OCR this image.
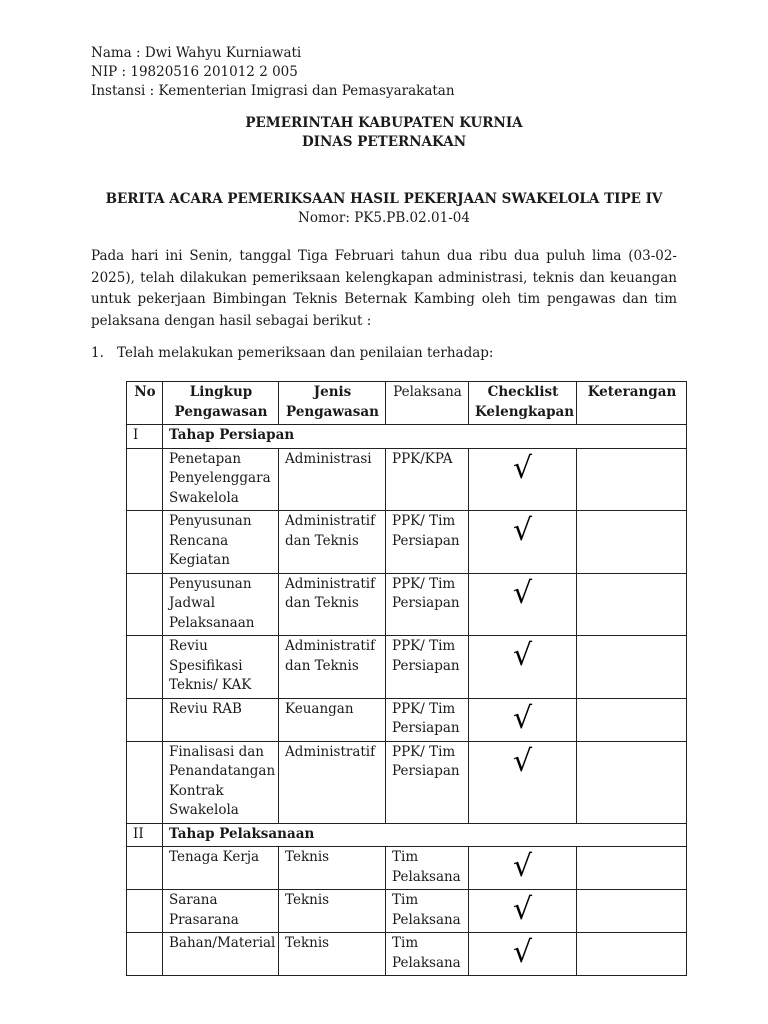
Nama : Dwi Wahyu Kurniawati
NIP : 19820516 201012 2 005
Instansi : Kementerian Imigrasi dan Pemasyarakatan
PEMERINTAH KABUPATEN KURNIA
DINAS PETERNAKAN
BERITA ACARA PEMERIKSAAN HASIL PEKERJAAN SWAKELOLA TIPE IV
Nomor: PK5.PB.02.01-04
Pada hari ini Senin, tanggal Tiga Februari tahun dua ribu dua puluh lima (03-02- 2025), telah dilakukan pemeriksaan kelengkapan administrasi, teknis dan keuangan untuk pekerjaan Bimbingan Teknis Beternak Kambing oleh tim pengawas dan tim pelaksana dengan hasil sebagai berikut :
1. Telah melakukan pemeriksaan dan penilaian terhadap:
No	Lingkup Pengawasan	Jenis Pengawasan	Pelaksana	Checklist Kelengkapan	Keterangan
I	Tahap Persiapan				
	Penetapan Penyelenggara Swakelola	Administrasi	PPK/KPA	√	
	Penyusunan Rencana Kegiatan	Administratif dan Teknis	PPK/ Tim Persiapan	√	
	Penyusunan Jadwal Pelaksanaan	Administratif dan Teknis	PPK/ Tim Persiapan	√	
	Reviu Spesifikasi Teknis/ KAK	Administratif dan Teknis	PPK/ Tim Persiapan	√	
	Reviu RAB	Keuangan	PPK/ Tim Persiapan	√	
	Finalisasi dan Penandatangan Kontrak Swakelola	Administratif	PPK/ Tim Persiapan	√	
II	Tahap Pelaksanaan				
	Tenaga Kerja	Teknis	Tim Pelaksana	√	
	Sarana Prasarana	Teknis	Tim Pelaksana	√	
	Bahan/Material	Teknis	Tim Pelaksana	√	
